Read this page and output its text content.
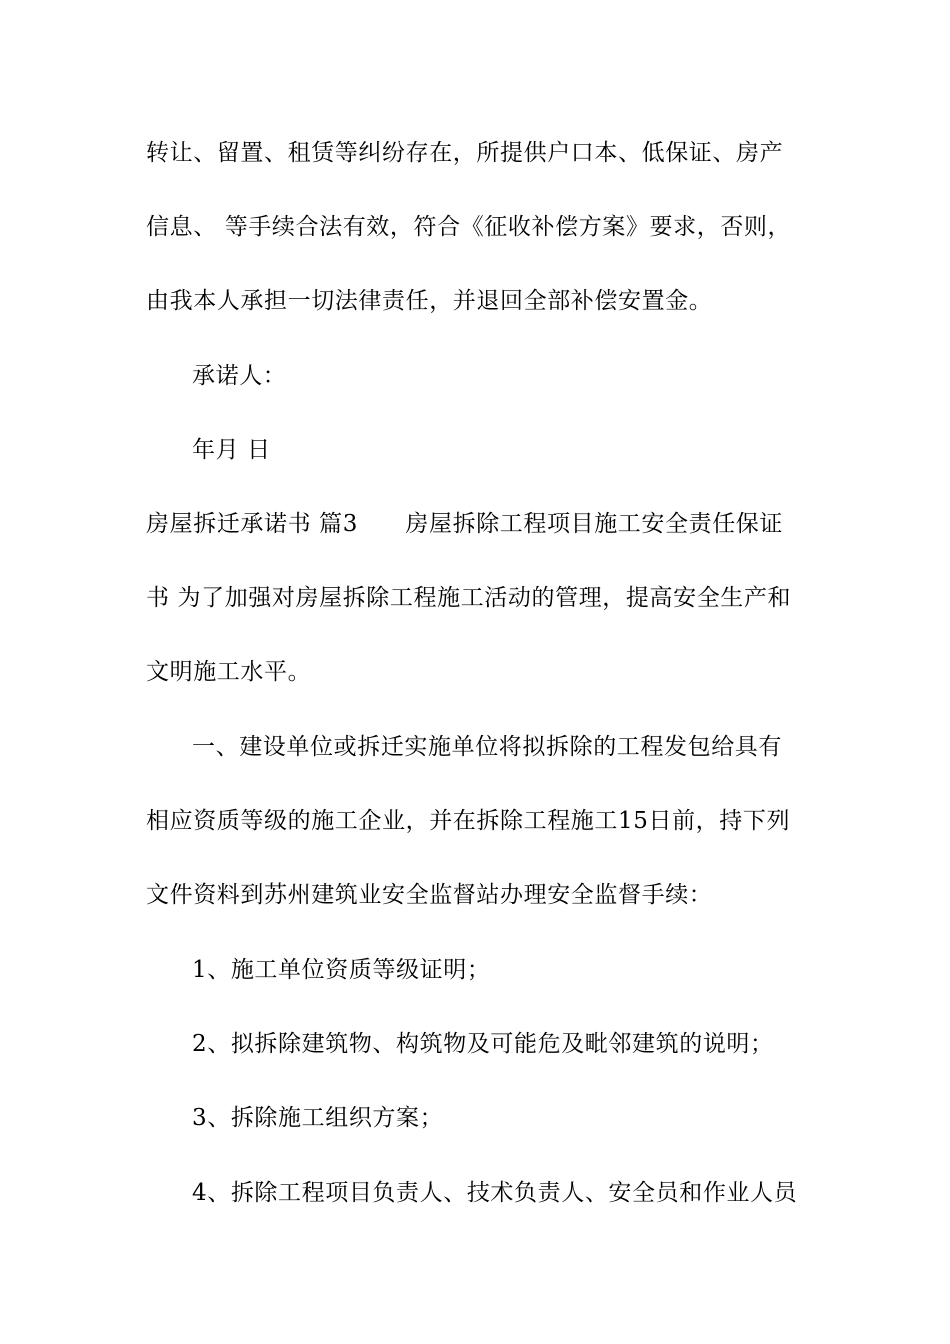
转让、留置、租赁等纠纷存在，所提供户口本、低保证、房产
信息、 等手续合法有效，符合《征收补偿方案》要求，否则，
由我本人承担一切法律责任，并退回全部补偿安置金。
承诺人：
年月 日
房屋拆迁承诺书 篇3      房屋拆除工程项目施工安全责任保证
书 为了加强对房屋拆除工程施工活动的管理，提高安全生产和
文明施工水平。
一、建设单位或拆迁实施单位将拟拆除的工程发包给具有
相应资质等级的施工企业，并在拆除工程施工15日前，持下列
文件资料到苏州建筑业安全监督站办理安全监督手续：
1、施工单位资质等级证明；
2、拟拆除建筑物、构筑物及可能危及毗邻建筑的说明；
3、拆除施工组织方案；
4、拆除工程项目负责人、技术负责人、安全员和作业人员
